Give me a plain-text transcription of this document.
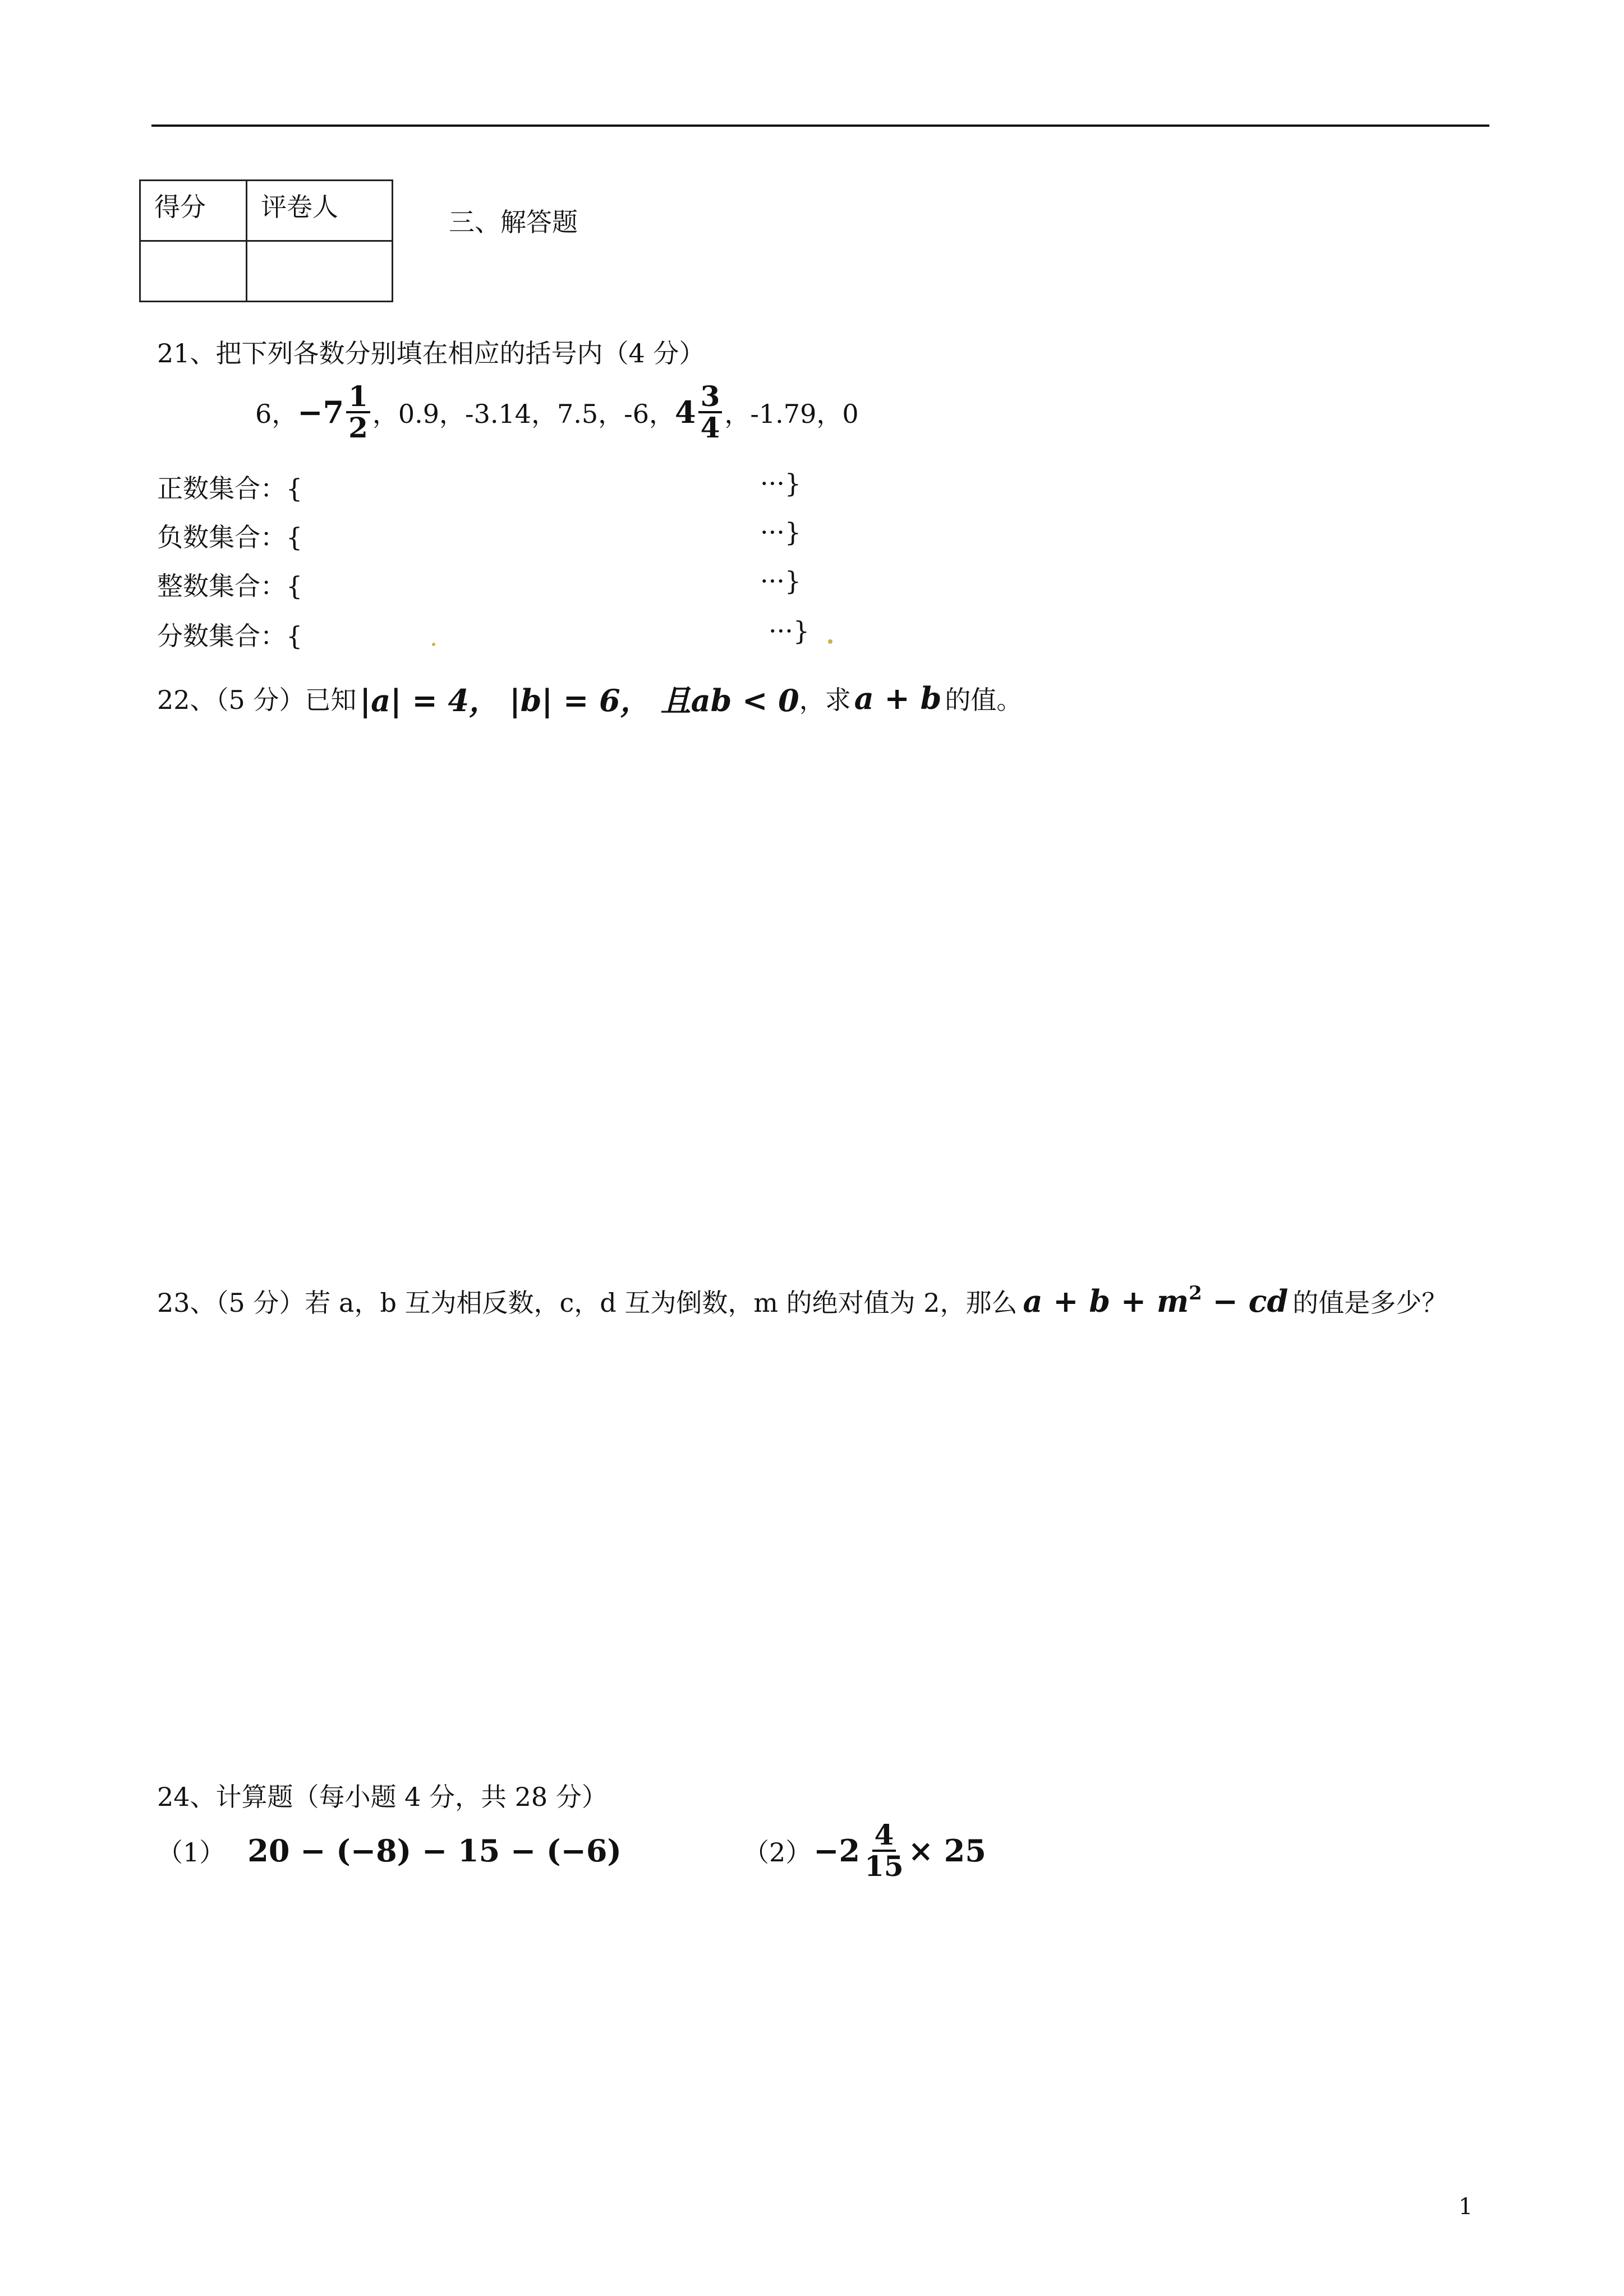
得分	评卷人
		三、解答题
21、把下列各数分别填在相应的括号内（4 分）
6， $-7 \frac{1}{2}$ ，0.9，-3.14，7.5，-6， $4 \frac{3}{4}$ ，-1.79，0
正数集合：{	···}
负数集合：{	···}
整数集合：{	···}
分数集合：{	···}
22、（5 分）已知 |a| = 4， |b| = 6， 且ab < 0 ，求 a + b 的值。
23、（5 分）若 a，b 互为相反数，c，d 互为倒数，m 的绝对值为 2，那么 $a + b + m^2$ − cd 的值是多少？
24、计算题（每小题 4 分，共 28 分）
（1） 20 − (−8) − 15 − (−6)	$(2) -2 \frac{4}{15} \times 25$
1
